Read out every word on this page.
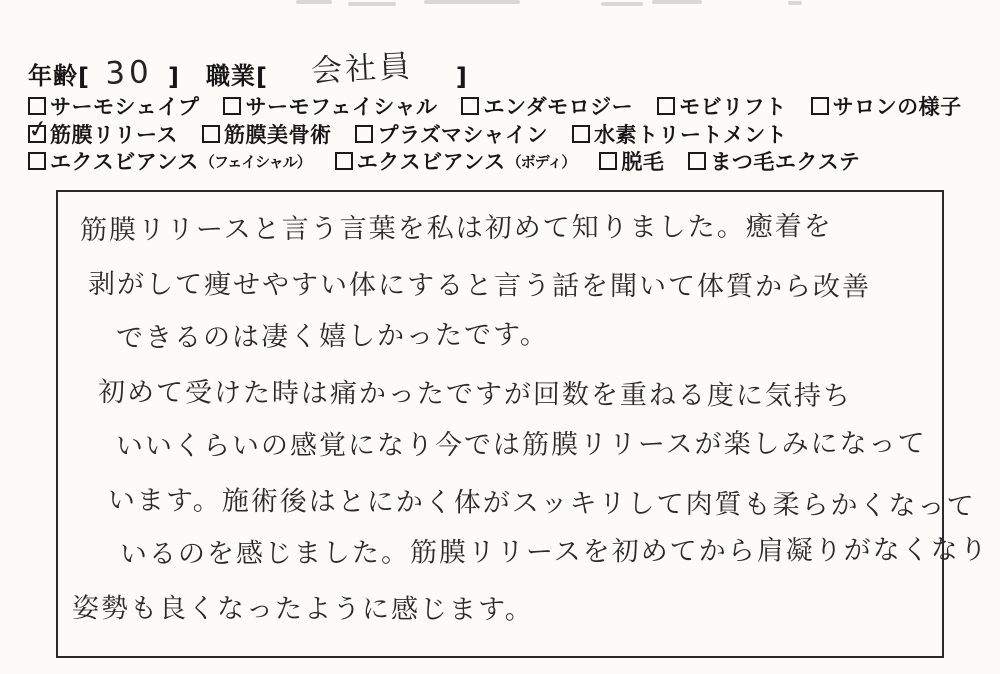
年齢 [ 30 ] 職業 [	会社員	]
サーモシェイプ サーモフェイシャル エンダモロジー モビリフト サロンの様子
✓ 筋膜リリース 筋膜美骨術 プラズマシャイン 水素トリートメント
エクスビアンス （フェイシャル） エクスビアンス （ボディ） 脱毛 まつ毛エクステ
筋膜リリースと言う言葉を私は初めて知りました。癒着を
剥がして痩せやすい体にすると言う話を聞いて体質から改善
できるのは凄く嬉しかったです。
初めて受けた時は痛かったですが回数を重ねる度に気持ち
いいくらいの感覚になり今では筋膜リリースが楽しみになって
います。施術後はとにかく体がスッキリして肉質も柔らかくなって
いるのを感じました。筋膜リリースを初めてから肩凝りがなくなり
姿勢も良くなったように感じます。
